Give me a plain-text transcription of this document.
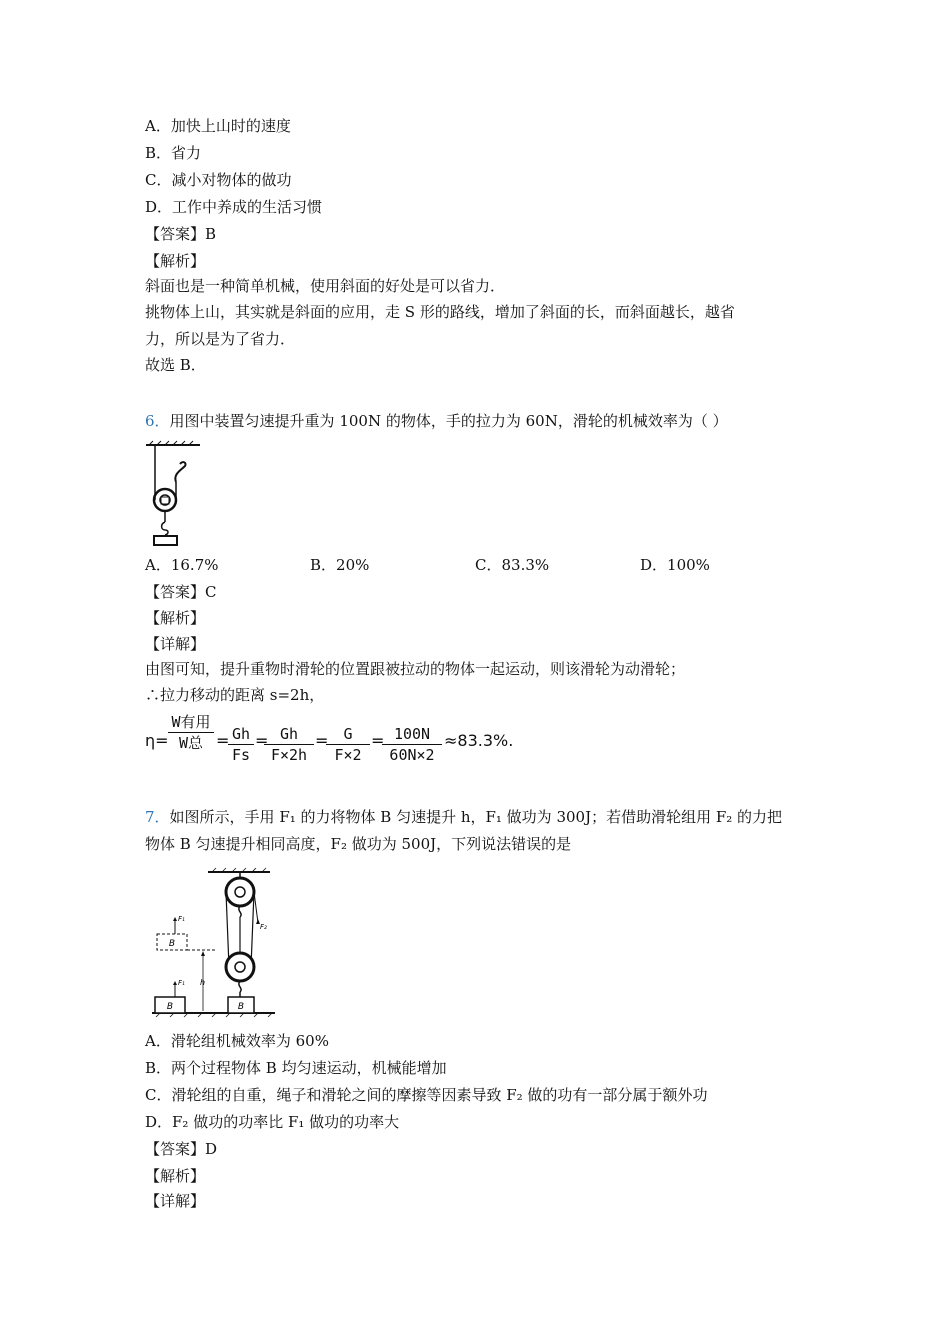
A．加快上山时的速度
B．省力
C．减小对物体的做功
D．工作中养成的生活习惯
【答案】B
【解析】
斜面也是一种简单机械，使用斜面的好处是可以省力．
挑物体上山，其实就是斜面的应用，走 S 形的路线，增加了斜面的长，而斜面越长，越省
力，所以是为了省力．
故选 B．
6．用图中装置匀速提升重为 100N 的物体，手的拉力为 60N，滑轮的机械效率为（ ）
A．16.7%	B．20%	C．83.3%	D．100%
【答案】C
【解析】
【详解】
由图可知，提升重物时滑轮的位置跟被拉动的物体一起运动，则该滑轮为动滑轮；
∴拉力移动的距离 s=2h，
η=
W有用
W总 =
$\frac{Gh}{Fs}$ =
$\frac{Gh}{F\times 2h}$ =
$\frac{G}{F\times 2}$ =
$\frac{100N}{60N\times 2} \approx 83.3\%$.
7．如图所示，手用 F₁ 的力将物体 B 匀速提升 h，F₁ 做功为 300J；若借助滑轮组用 F₂ 的力把
物体 B 匀速提升相同高度，F₂ 做功为 500J，下列说法错误的是
B
F₁
B
F₁
h
F₂
B
A．滑轮组机械效率为 60%
B．两个过程物体 B 均匀速运动，机械能增加
C．滑轮组的自重，绳子和滑轮之间的摩擦等因素导致 F₂ 做的功有一部分属于额外功
D．F₂ 做功的功率比 F₁ 做功的功率大
【答案】D
【解析】
【详解】
